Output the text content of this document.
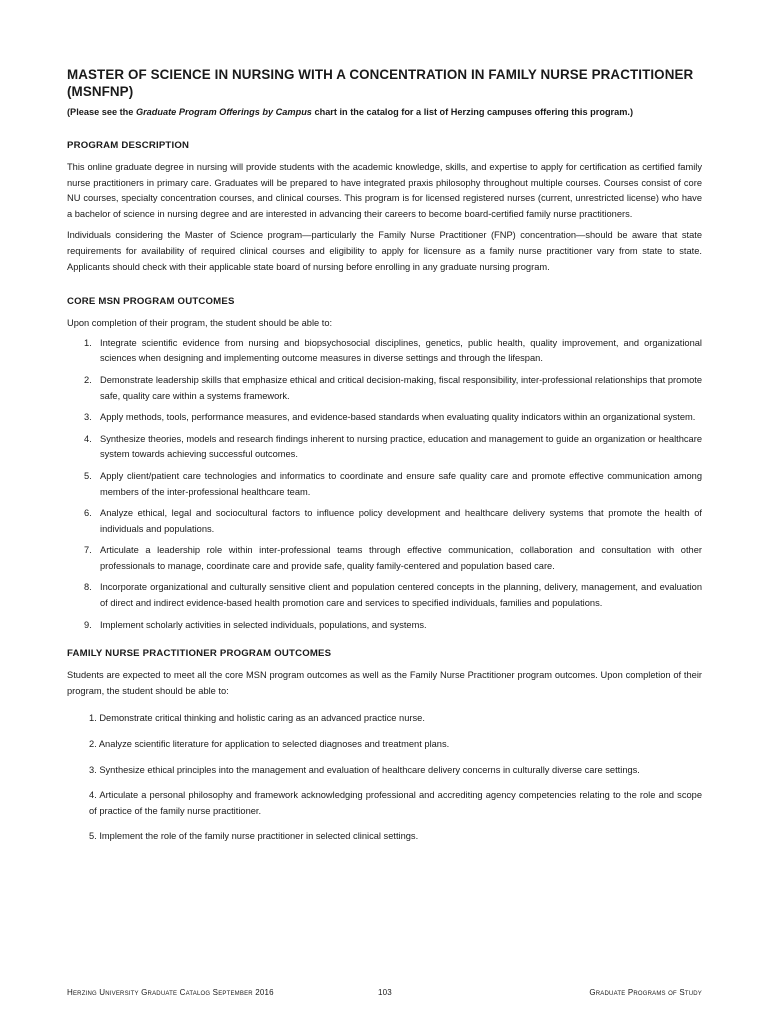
MASTER OF SCIENCE IN NURSING WITH A CONCENTRATION IN FAMILY NURSE PRACTITIONER (MSNFNP)
(Please see the Graduate Program Offerings by Campus chart in the catalog for a list of Herzing campuses offering this program.)
PROGRAM DESCRIPTION

This online graduate degree in nursing will provide students with the academic knowledge, skills, and expertise to apply for certification as certified family nurse practitioners in primary care. Graduates will be prepared to have integrated praxis philosophy throughout multiple courses. Courses consist of core NU courses, specialty concentration courses, and clinical courses. This program is for licensed registered nurses (current, unrestricted license) who have a bachelor of science in nursing degree and are interested in advancing their careers to become board-certified family nurse practitioners.

Individuals considering the Master of Science program—particularly the Family Nurse Practitioner (FNP) concentration—should be aware that state requirements for availability of required clinical courses and eligibility to apply for licensure as a family nurse practitioner vary from state to state. Applicants should check with their applicable state board of nursing before enrolling in any graduate nursing program.

CORE MSN PROGRAM OUTCOMES

Upon completion of their program, the student should be able to:

1. Integrate scientific evidence from nursing and biopsychosocial disciplines, genetics, public health, quality improvement, and organizational sciences when designing and implementing outcome measures in diverse settings and through the lifespan.
2. Demonstrate leadership skills that emphasize ethical and critical decision-making, fiscal responsibility, inter-professional relationships that promote safe, quality care within a systems framework.
3. Apply methods, tools, performance measures, and evidence-based standards when evaluating quality indicators within an organizational system.
4. Synthesize theories, models and research findings inherent to nursing practice, education and management to guide an organization or healthcare system towards achieving successful outcomes.
5. Apply client/patient care technologies and informatics to coordinate and ensure safe quality care and promote effective communication among members of the inter-professional healthcare team.
6. Analyze ethical, legal and sociocultural factors to influence policy development and healthcare delivery systems that promote the health of individuals and populations.
7. Articulate a leadership role within inter-professional teams through effective communication, collaboration and consultation with other professionals to manage, coordinate care and provide safe, quality family-centered and population based care.
8. Incorporate organizational and culturally sensitive client and population centered concepts in the planning, delivery, management, and evaluation of direct and indirect evidence-based health promotion care and services to specified individuals, families and populations.
9. Implement scholarly activities in selected individuals, populations, and systems.
FAMILY NURSE PRACTITIONER PROGRAM OUTCOMES

Students are expected to meet all the core MSN program outcomes as well as the Family Nurse Practitioner program outcomes. Upon completion of their program, the student should be able to:

1. Demonstrate critical thinking and holistic caring as an advanced practice nurse.
2. Analyze scientific literature for application to selected diagnoses and treatment plans.
3. Synthesize ethical principles into the management and evaluation of healthcare delivery concerns in culturally diverse care settings.
4. Articulate a personal philosophy and framework acknowledging professional and accrediting agency competencies relating to the role and scope of practice of the family nurse practitioner.
5. Implement the role of the family nurse practitioner in selected clinical settings.
Herzing University Graduate Catalog September 2016	103	Graduate Programs of Study
